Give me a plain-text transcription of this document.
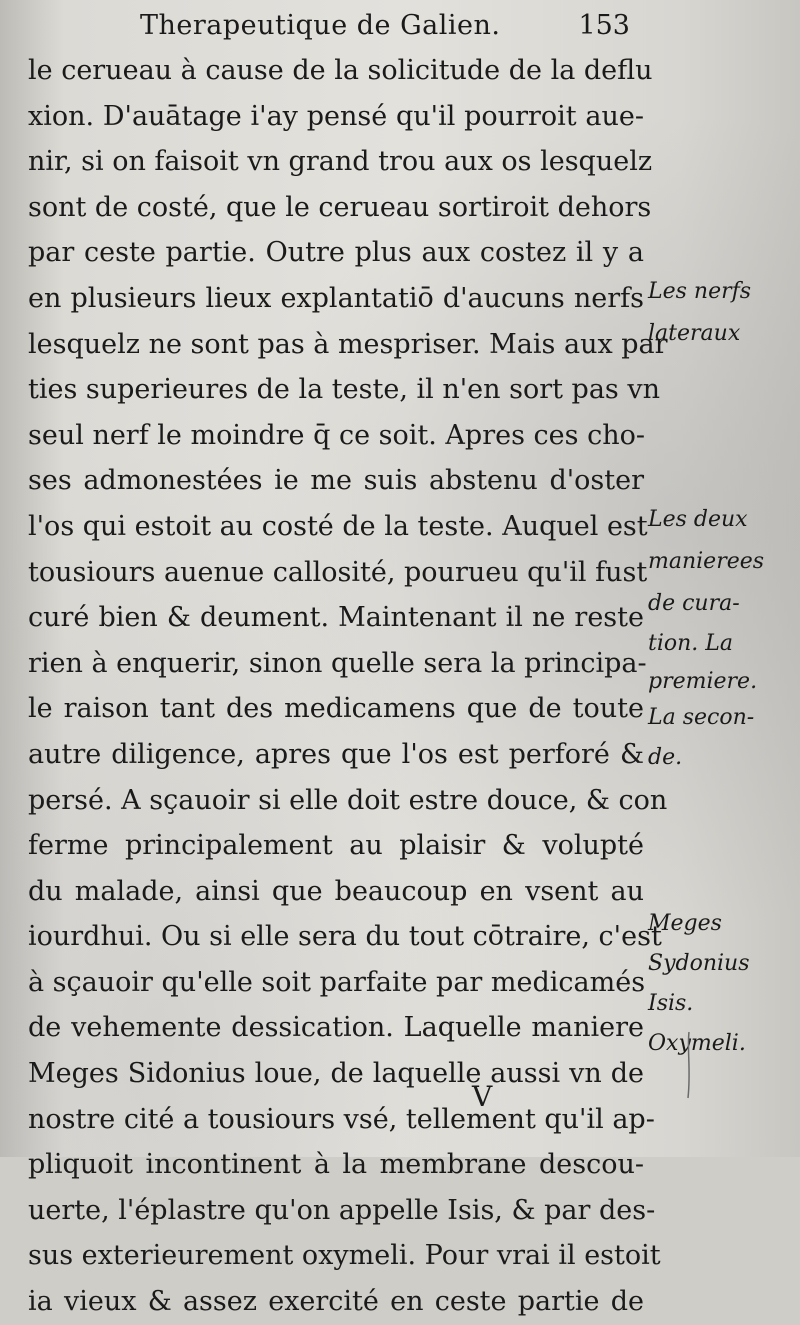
Therapeutique de Galien.	153
le cerueau à cause de la solicitude de la deflu
xion. D'auātage i'ay pensé qu'il pourroit aue-
nir, si on faisoit vn grand trou aux os lesquelz
sont de costé, que le cerueau sortiroit dehors
par ceste partie. Outre plus aux costez il y a
en plusieurs lieux explantatiō d'aucuns nerfs
lesquelz ne sont pas à mespriser. Mais aux par
ties superieures de la teste, il n'en sort pas vn
seul nerf le moindre q̄ ce soit. Apres ces cho-
ses admonestées ie me suis abstenu d'oster
l'os qui estoit au costé de la teste. Auquel est
tousiours auenue callosité, pourueu qu'il fust
curé bien & deument. Maintenant il ne reste
rien à enquerir, sinon quelle sera la principa-
le raison tant des medicamens que de toute
autre diligence, apres que l'os est perforé &
persé. A sçauoir si elle doit estre douce, & con
ferme principalement au plaisir & volupté
du malade, ainsi que beaucoup en vsent au
iourdhui. Ou si elle sera du tout cōtraire, c'est
à sçauoir qu'elle soit parfaite par medicamés
de vehemente dessication. Laquelle maniere
Meges Sidonius loue, de laquelle aussi vn de
nostre cité a tousiours vsé, tellement qu'il ap-
pliquoit incontinent à la membrane descou-
uerte, l'éplastre qu'on appelle Isis, & par des-
sus exterieurement oxymeli. Pour vrai il estoit
ia vieux & assez exercité en ceste partie de
Les nerfs
lateraux
Les deux
manierees
de cura-
tion. La
premiere.
La secon-
de.
Meges
Sydonius
Isis.
Oxymeli.
V
